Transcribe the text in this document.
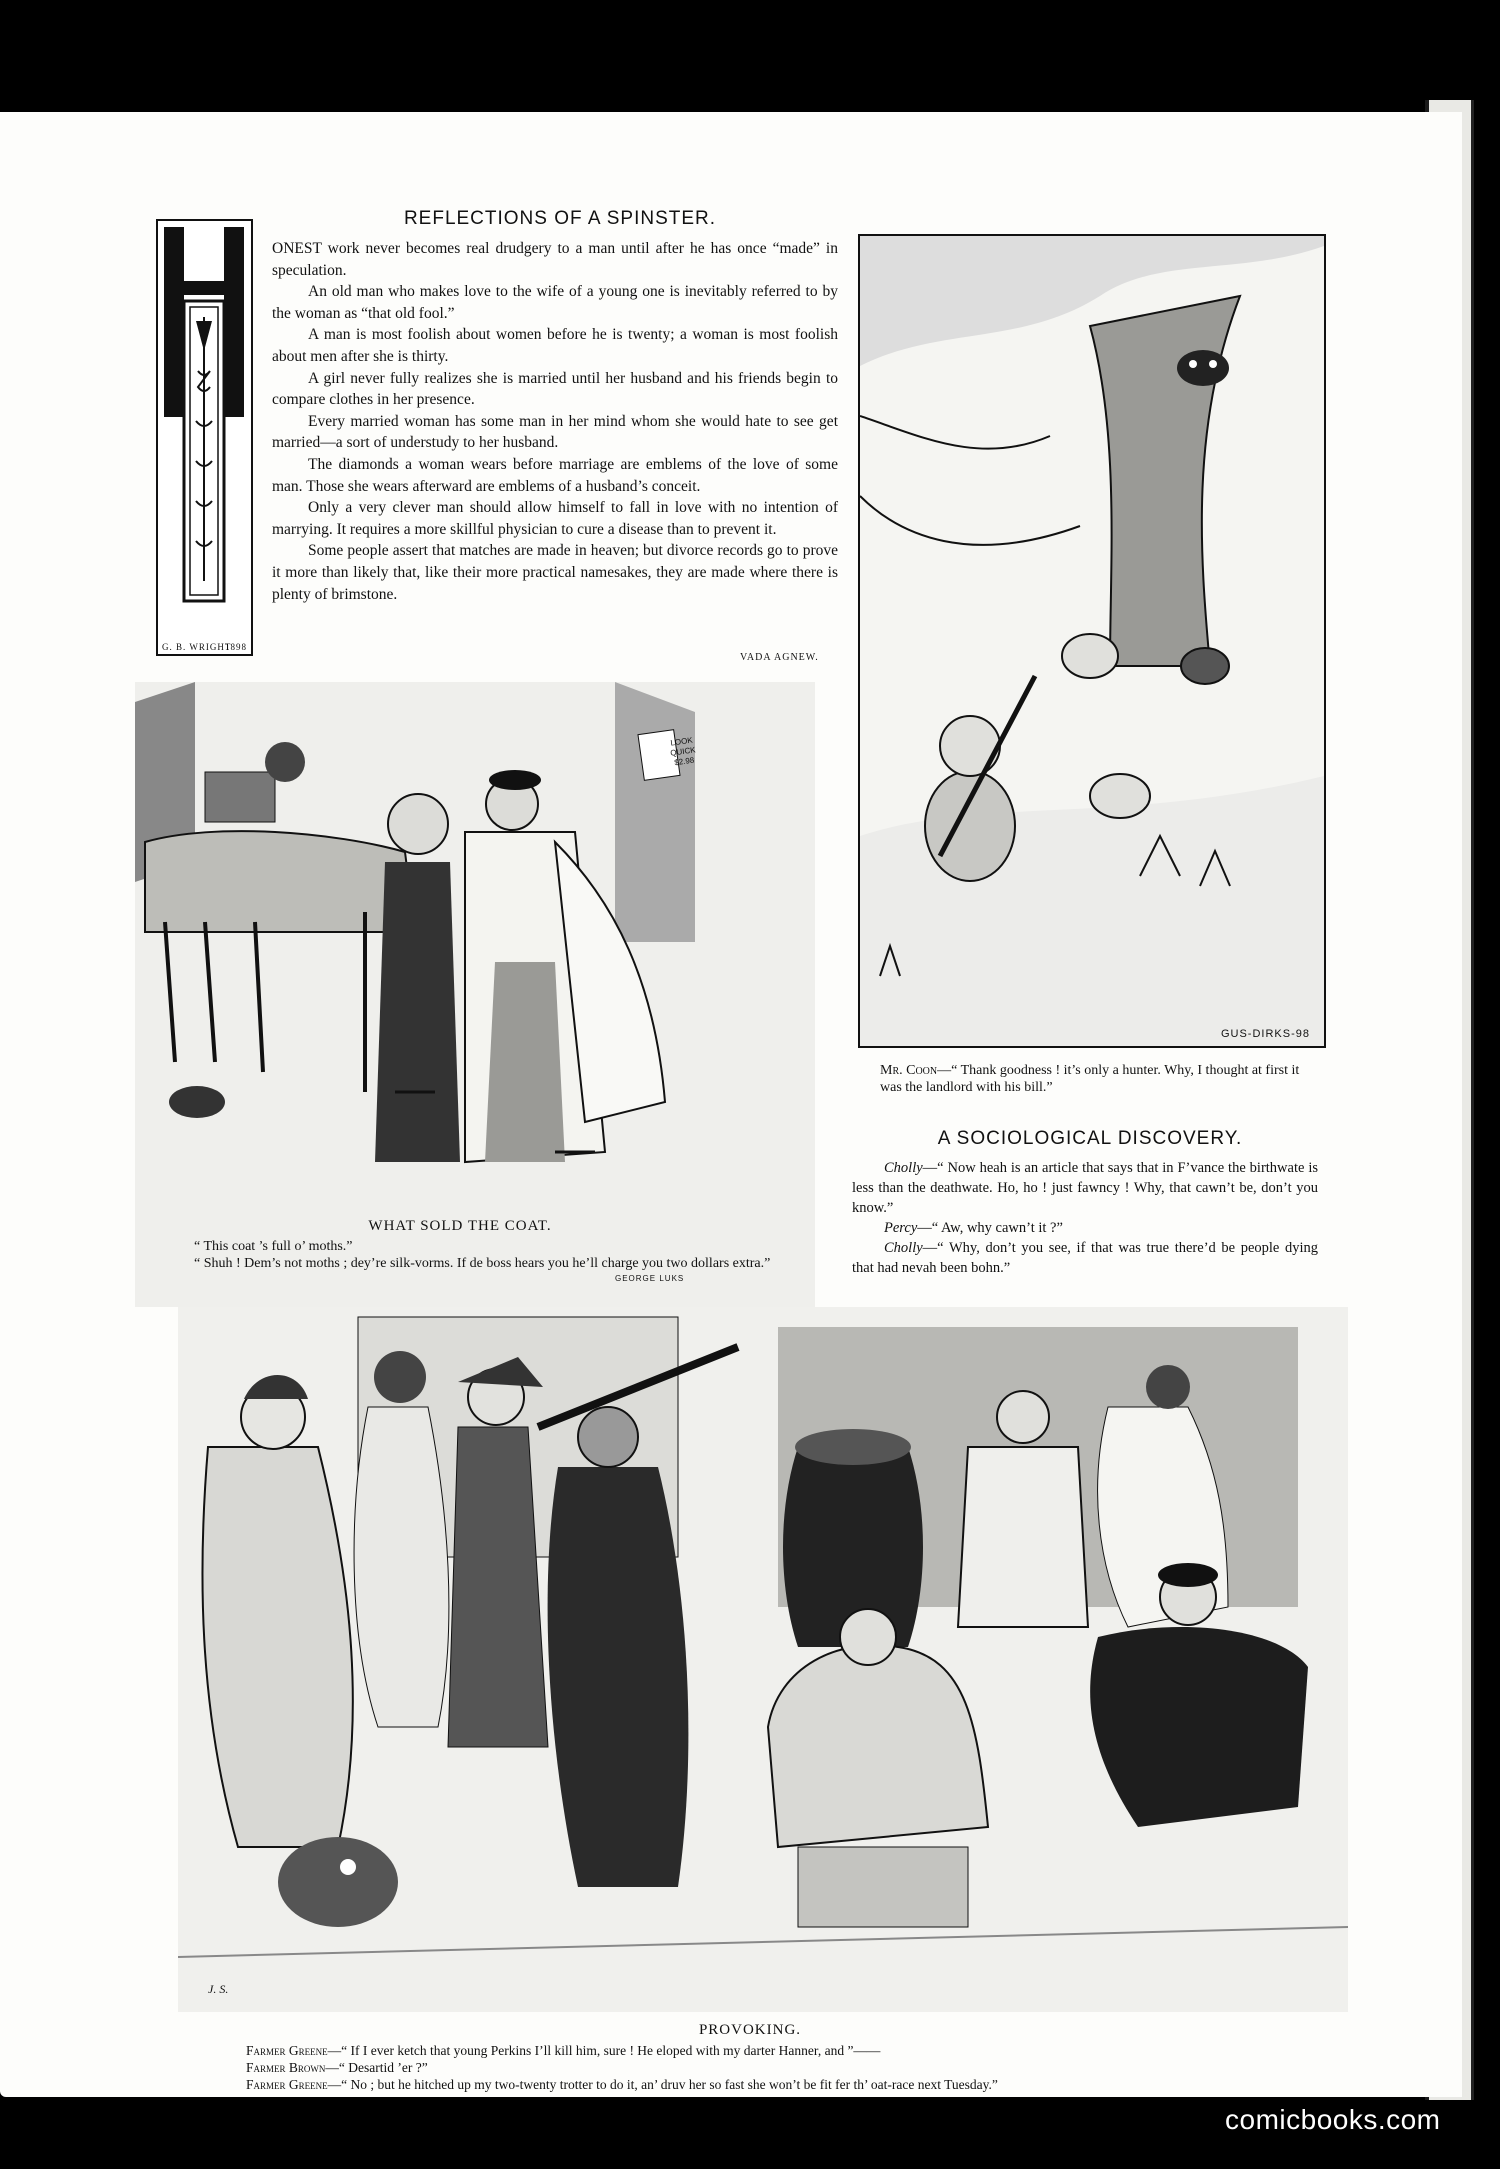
REFLECTIONS OF A SPINSTER.
G. B. WRIGHT
1898

ONEST work never becomes real drudgery to a man until after he has once “made” in speculation.

An old man who makes love to the wife of a young one is inevitably referred to by the woman as “that old fool.”

A man is most foolish about women before he is twenty; a woman is most foolish about men after she is thirty.

A girl never fully realizes she is married until her husband and his friends begin to compare clothes in her presence.

Every married woman has some man in her mind whom she would hate to see get married—a sort of understudy to her husband.

The diamonds a woman wears before marriage are emblems of the love of some man. Those she wears afterward are emblems of a husband’s conceit.

Only a very clever man should allow himself to fall in love with no intention of marrying. It requires a more skillful physician to cure a disease than to prevent it.

Some people assert that matches are made in heaven; but divorce records go to prove it more than likely that, like their more practical namesakes, they are made where there is plenty of brimstone.

VADA AGNEW.
GUS-DIRKS-98

Mr. Coon—“ Thank goodness ! it’s only a hunter. Why, I thought at first it was the landlord with his bill.”

LOOK QUICK $2.98
GEORGE LUKS
WHAT SOLD THE COAT.

“ This coat ’s full o’ moths.”

“ Shuh ! Dem’s not moths ; dey’re silk-vorms. If de boss hears you he’ll charge you two dollars extra.”

A SOCIOLOGICAL DISCOVERY.

Cholly—“ Now heah is an article that says that in F’vance the birthwate is less than the deathwate. Ho, ho ! just fawncy ! Why, that cawn’t be, don’t you know.”

Percy—“ Aw, why cawn’t it ?”

Cholly—“ Why, don’t you see, if that was true there’d be people dying that had nevah been bohn.”

J. S.
PROVOKING.

Farmer Greene—“ If I ever ketch that young Perkins I’ll kill him, sure ! He eloped with my darter Hanner, and ”——

Farmer Brown—“ Desartid ’er ?”

Farmer Greene—“ No ; but he hitched up my two-twenty trotter to do it, an’ druv her so fast she won’t be fit fer th’ oat-race next Tuesday.”

comicbooks.com
